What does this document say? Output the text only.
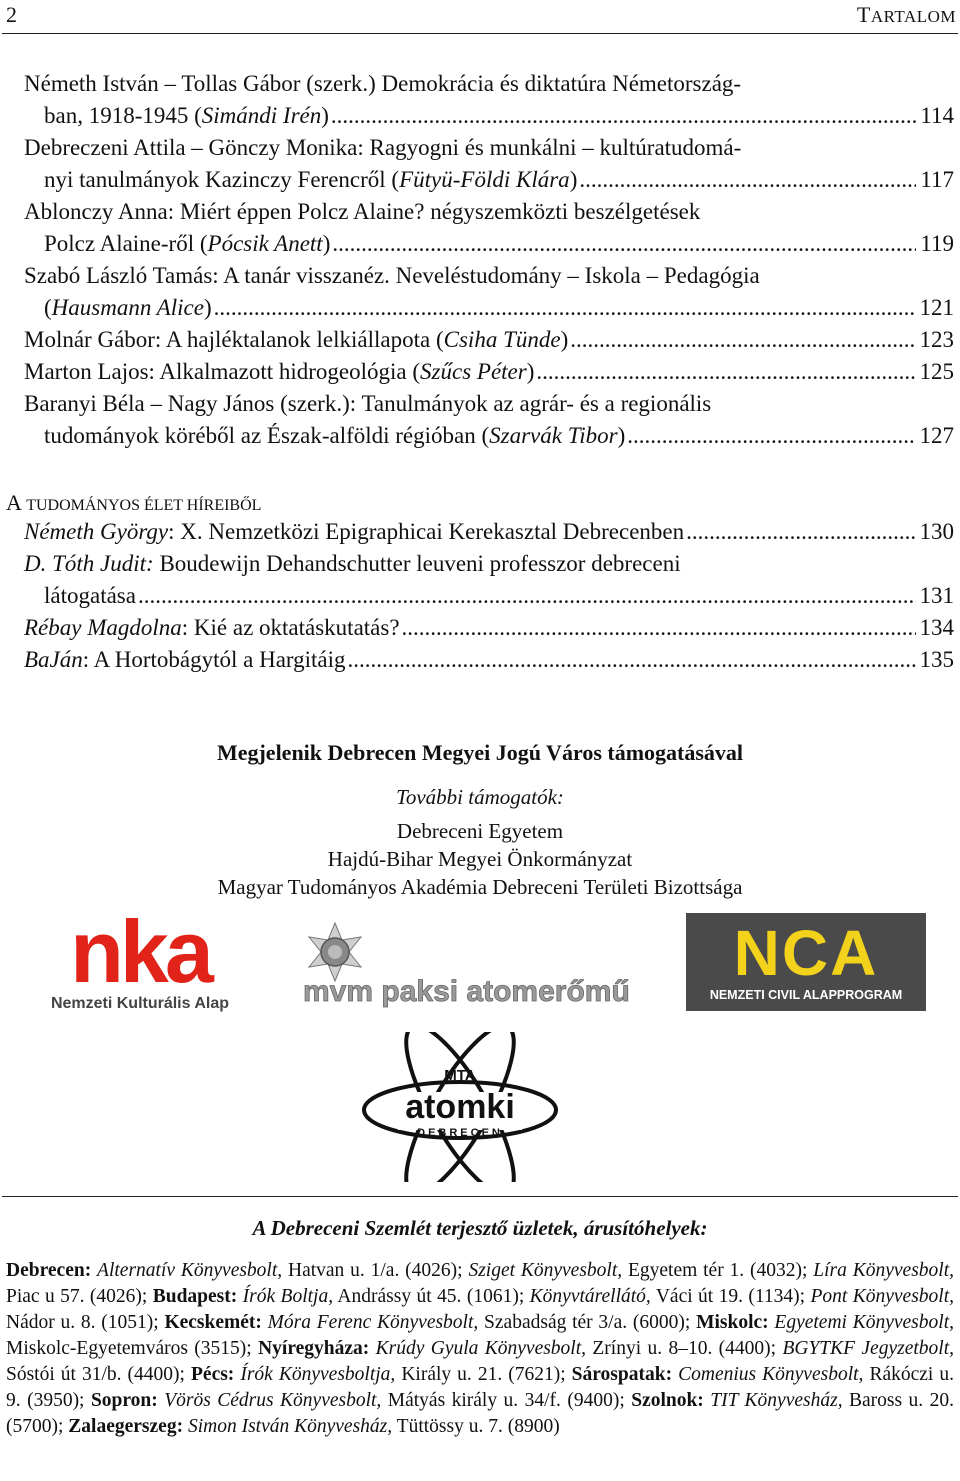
2	TARTALOM
Németh István – Tollas Gábor (szerk.) Demokrácia és diktatúra Németország-
ban, 1918-1945 (Simándi Irén) .....	114
Debreczeni Attila – Gönczy Monika: Ragyogni és munkálni – kultúratudomá-
nyi tanulmányok Kazinczy Ferencről (Fütyü-Földi Klára) .....	117
Ablonczy Anna: Miért éppen Polcz Alaine? négyszemközti beszélgetések
Polcz Alaine-ről (Pócsik Anett) .....	119
Szabó László Tamás: A tanár visszanéz. Neveléstudomány – Iskola – Pedagógia
(Hausmann Alice) .....	121
Molnár Gábor: A hajléktalanok lelkiállapota (Csiha Tünde) .....	123
Marton Lajos: Alkalmazott hidrogeológia (Szűcs Péter) .....	125
Baranyi Béla – Nagy János (szerk.): Tanulmányok az agrár- és a regionális
tudományok köréből az Észak-alföldi régióban (Szarvák Tibor) .....	127
A TUDOMÁNYOS ÉLET HÍREIBŐL
Németh György: X. Nemzetközi Epigraphicai Kerekasztal Debrecenben .....	130
D. Tóth Judit: Boudewijn Dehandschutter leuveni professzor debreceni
látogatása .....	131
Rébay Magdolna: Kié az oktatáskutatás? .....	134
BaJán: A Hortobágytól a Hargitáig .....	135
Megjelenik Debrecen Megyei Jogú Város támogatásával
További támogatók:
Debreceni Egyetem
Hajdú-Bihar Megyei Önkormányzat
Magyar Tudományos Akadémia Debreceni Területi Bizottsága
nka
Nemzeti Kulturális Alap mvm paksi atomerőmű
NCA
NEMZETI CIVIL ALAPPROGRAM
MTA
atomki
DEBRECEN
A Debreceni Szemlét terjesztő üzletek, árusítóhelyek:
Debrecen: Alternatív Könyvesbolt, Hatvan u. 1/a. (4026); Sziget Könyvesbolt, Egyetem tér 1. (4032); Líra Könyvesbolt, Piac u 57. (4026); Budapest: Írók Boltja, Andrássy út 45. (1061); Könyvtárellátó, Váci út 19. (1134); Pont Könyvesbolt, Nádor u. 8. (1051); Kecskemét: Móra Ferenc Könyvesbolt, Szabadság tér 3/a. (6000); Miskolc: Egyetemi Könyvesbolt, Miskolc-Egyetemváros (3515); Nyíregyháza: Krúdy Gyula Könyvesbolt, Zrínyi u. 8–10. (4400); BGYTKF Jegyzetbolt, Sóstói út 31/b. (4400); Pécs: Írók Könyvesboltja, Király u. 21. (7621); Sárospatak: Comenius Könyvesbolt, Rákóczi u. 9. (3950); Sopron: Vörös Cédrus Könyvesbolt, Mátyás király u. 34/f. (9400); Szolnok: TIT Könyvesház, Baross u. 20. (5700); Zalaegerszeg: Simon István Könyvesház, Tüttössy u. 7. (8900)
